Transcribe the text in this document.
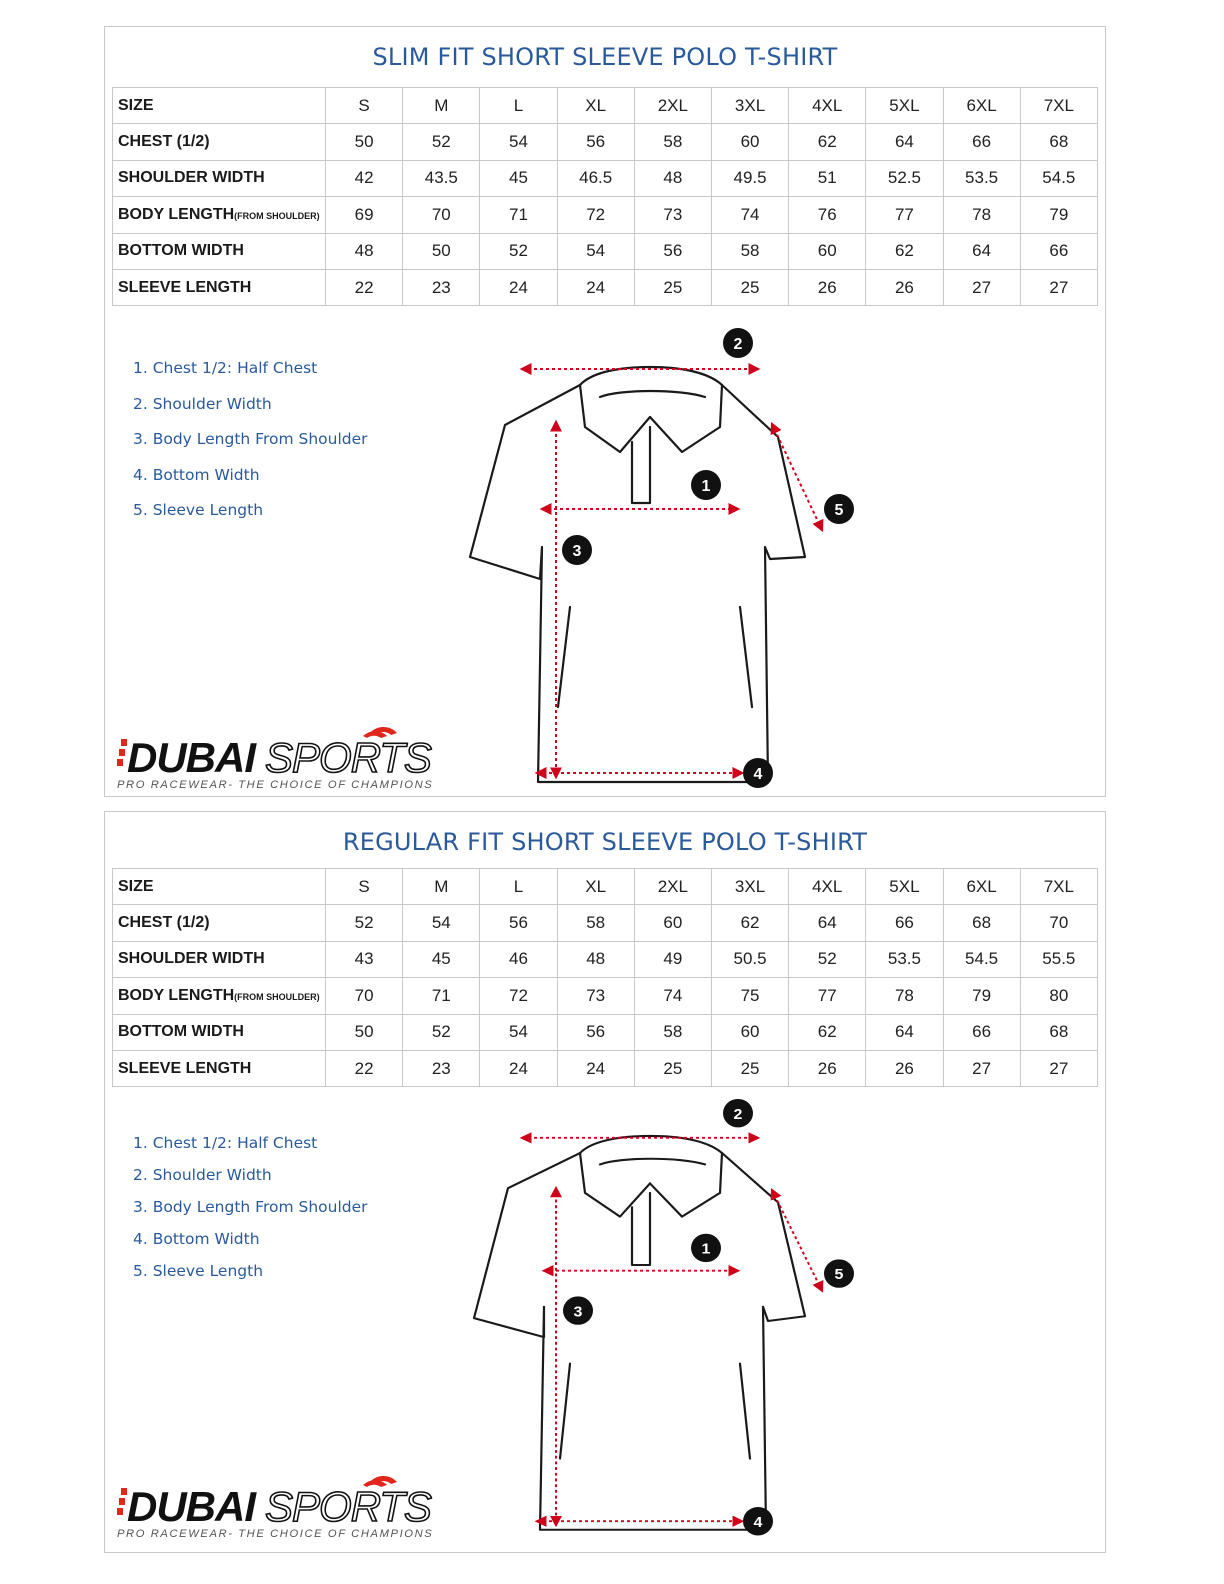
SLIM FIT SHORT SLEEVE POLO T-SHIRT
SIZE	S	M	L	XL	2XL	3XL	4XL	5XL	6XL	7XL
CHEST (1/2)	50	52	54	56	58	60	62	64	66	68
SHOULDER WIDTH	42	43.5	45	46.5	48	49.5	51	52.5	53.5	54.5
BODY LENGTH(FROM SHOULDER)	69	70	71	72	73	74	76	77	78	79
BOTTOM WIDTH	48	50	52	54	56	58	60	62	64	66
SLEEVE LENGTH	22	23	24	24	25	25	26	26	27	27
1. Chest 1/2: Half Chest
2. Shoulder Width
3. Body Length From Shoulder
4. Bottom Width
5. Sleeve Length
1
2
3
4
5
DUBAI SPORTS
PRO RACEWEAR- THE CHOICE OF CHAMPIONS
REGULAR FIT SHORT SLEEVE POLO T-SHIRT
SIZE	S	M	L	XL	2XL	3XL	4XL	5XL	6XL	7XL
CHEST (1/2)	52	54	56	58	60	62	64	66	68	70
SHOULDER WIDTH	43	45	46	48	49	50.5	52	53.5	54.5	55.5
BODY LENGTH(FROM SHOULDER)	70	71	72	73	74	75	77	78	79	80
BOTTOM WIDTH	50	52	54	56	58	60	62	64	66	68
SLEEVE LENGTH	22	23	24	24	25	25	26	26	27	27
1. Chest 1/2: Half Chest
2. Shoulder Width
3. Body Length From Shoulder
4. Bottom Width
5. Sleeve Length
1
2
3
4
5
DUBAI SPORTS
PRO RACEWEAR- THE CHOICE OF CHAMPIONS
